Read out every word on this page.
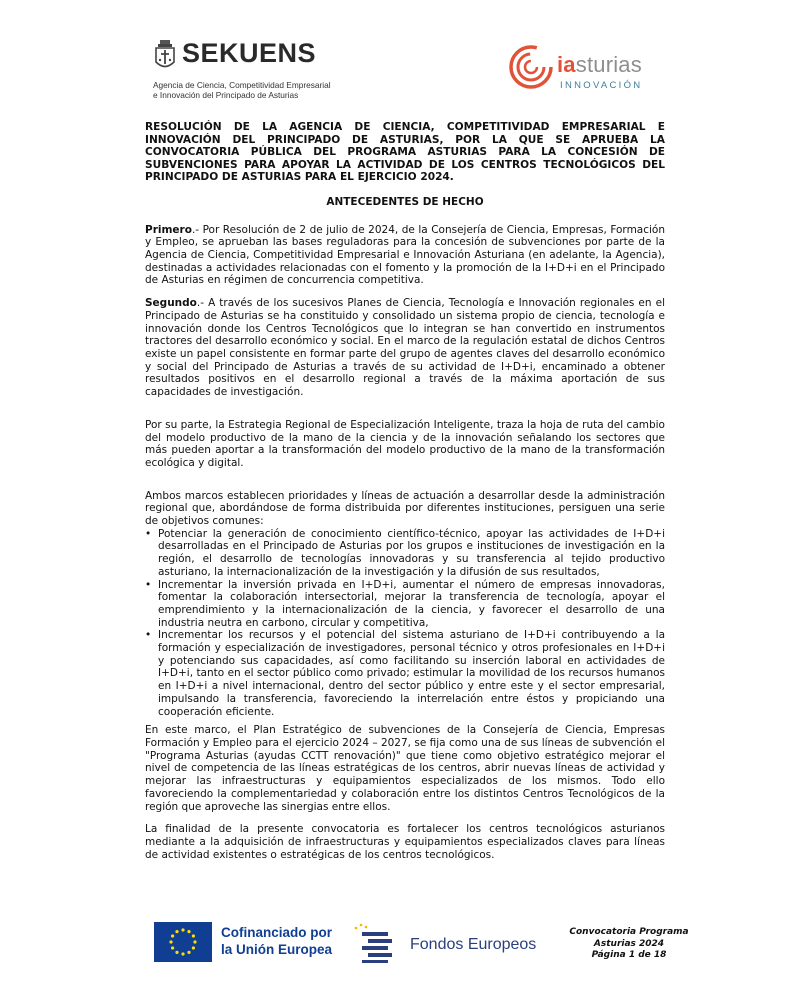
SEKUENS
Agencia de Ciencia, Competitividad Empresarial
e Innovación del Principado de Asturias
iasturias
INNOVACIÓN
RESOLUCIÓN DE LA AGENCIA DE CIENCIA, COMPETITIVIDAD EMPRESARIAL E INNOVACIÓN DEL PRINCIPADO DE ASTURIAS, POR LA QUE SE APRUEBA LA CONVOCATORIA PÚBLICA DEL PROGRAMA ASTURIAS PARA LA CONCESIÓN DE SUBVENCIONES PARA APOYAR LA ACTIVIDAD DE LOS CENTROS TECNOLÓGICOS DEL PRINCIPADO DE ASTURIAS PARA EL EJERCICIO 2024.
ANTECEDENTES DE HECHO

Primero.- Por Resolución de 2 de julio de 2024, de la Consejería de Ciencia, Empresas, Formación y Empleo, se aprueban las bases reguladoras para la concesión de subvenciones por parte de la Agencia de Ciencia, Competitividad Empresarial e Innovación Asturiana (en adelante, la Agencia), destinadas a actividades relacionadas con el fomento y la promoción de la I+D+i en el Principado de Asturias en régimen de concurrencia competitiva.

Segundo.- A través de los sucesivos Planes de Ciencia, Tecnología e Innovación regionales en el Principado de Asturias se ha constituido y consolidado un sistema propio de ciencia, tecnología e innovación donde los Centros Tecnológicos que lo integran se han convertido en instrumentos tractores del desarrollo económico y social. En el marco de la regulación estatal de dichos Centros existe un papel consistente en formar parte del grupo de agentes claves del desarrollo económico y social del Principado de Asturias a través de su actividad de I+D+i, encaminado a obtener resultados positivos en el desarrollo regional a través de la máxima aportación de sus capacidades de investigación.

Por su parte, la Estrategia Regional de Especialización Inteligente, traza la hoja de ruta del cambio del modelo productivo de la mano de la ciencia y de la innovación señalando los sectores que más pueden aportar a la transformación del modelo productivo de la mano de la transformación ecológica y digital.

Ambos marcos establecen prioridades y líneas de actuación a desarrollar desde la administración regional que, abordándose de forma distribuida por diferentes instituciones, persiguen una serie de objetivos comunes:

• Potenciar la generación de conocimiento científico-técnico, apoyar las actividades de I+D+i desarrolladas en el Principado de Asturias por los grupos e instituciones de investigación en la región, el desarrollo de tecnologías innovadoras y su transferencia al tejido productivo asturiano, la internacionalización de la investigación y la difusión de sus resultados,
• Incrementar la inversión privada en I+D+i, aumentar el número de empresas innovadoras, fomentar la colaboración intersectorial, mejorar la transferencia de tecnología, apoyar el emprendimiento y la internacionalización de la ciencia, y favorecer el desarrollo de una industria neutra en carbono, circular y competitiva,
• Incrementar los recursos y el potencial del sistema asturiano de I+D+i contribuyendo a la formación y especialización de investigadores, personal técnico y otros profesionales en I+D+i y potenciando sus capacidades, así como facilitando su inserción laboral en actividades de I+D+i, tanto en el sector público como privado; estimular la movilidad de los recursos humanos en I+D+i a nivel internacional, dentro del sector público y entre este y el sector empresarial, impulsando la transferencia, favoreciendo la interrelación entre éstos y propiciando una cooperación eficiente.

En este marco, el Plan Estratégico de subvenciones de la Consejería de Ciencia, Empresas Formación y Empleo para el ejercicio 2024 – 2027, se fija como una de sus líneas de subvención el "Programa Asturias (ayudas CCTT renovación)" que tiene como objetivo estratégico mejorar el nivel de competencia de las líneas estratégicas de los centros, abrir nuevas líneas de actividad y mejorar las infraestructuras y equipamientos especializados de los mismos. Todo ello favoreciendo la complementariedad y colaboración entre los distintos Centros Tecnológicos de la región que aproveche las sinergias entre ellos.

La finalidad de la presente convocatoria es fortalecer los centros tecnológicos asturianos mediante a la adquisición de infraestructuras y equipamientos especializados claves para líneas de actividad existentes o estratégicas de los centros tecnológicos.

Cofinanciado por
la Unión Europea	Fondos Europeos
Convocatoria Programa
Asturias 2024
Página 1 de 18
